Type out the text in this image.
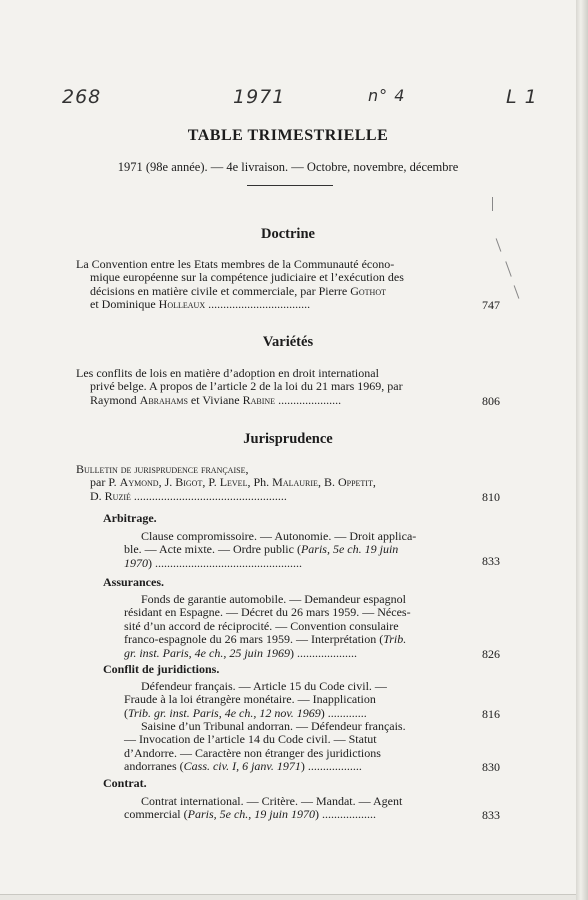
268	1971	n° 4	L 1
TABLE TRIMESTRIELLE
1971 (98e année). — 4e livraison. — Octobre, novembre, décembre
Doctrine
La Convention entre les Etats membres de la Communauté écono-
mique européenne sur la compétence judiciaire et l’exécution des
décisions en matière civile et commerciale, par Pierre Gothot
et Dominique Holleaux ..................................	747
Variétés
Les conflits de lois en matière d’adoption en droit international
privé belge. A propos de l’article 2 de la loi du 21 mars 1969, par
Raymond Abrahams et Viviane Rabine .....................	806
Jurisprudence
Bulletin de jurisprudence française,
par P. Aymond, J. Bigot, P. Level, Ph. Malaurie, B. Oppetit,
D. Ruzié ...................................................	810
Arbitrage.
Clause compromissoire. — Autonomie. — Droit applica-
ble. — Acte mixte. — Ordre public (Paris, 5e ch. 19 juin
1970) .................................................	833
Assurances.
Fonds de garantie automobile. — Demandeur espagnol
résidant en Espagne. — Décret du 26 mars 1959. — Néces-
sité d’un accord de réciprocité. — Convention consulaire
franco-espagnole du 26 mars 1959. — Interprétation (Trib.
gr. inst. Paris, 4e ch., 25 juin 1969) ....................	826
Conflit de juridictions.
Défendeur français. — Article 15 du Code civil. —
Fraude à la loi étrangère monétaire. — Inapplication
(Trib. gr. inst. Paris, 4e ch., 12 nov. 1969) .............	816
Saisine d’un Tribunal andorran. — Défendeur français.
— Invocation de l’article 14 du Code civil. — Statut
d’Andorre. — Caractère non étranger des juridictions
andorranes (Cass. civ. I, 6 janv. 1971) ..................	830
Contrat.
Contrat international. — Critère. — Mandat. — Agent
commercial (Paris, 5e ch., 19 juin 1970) ..................	833
